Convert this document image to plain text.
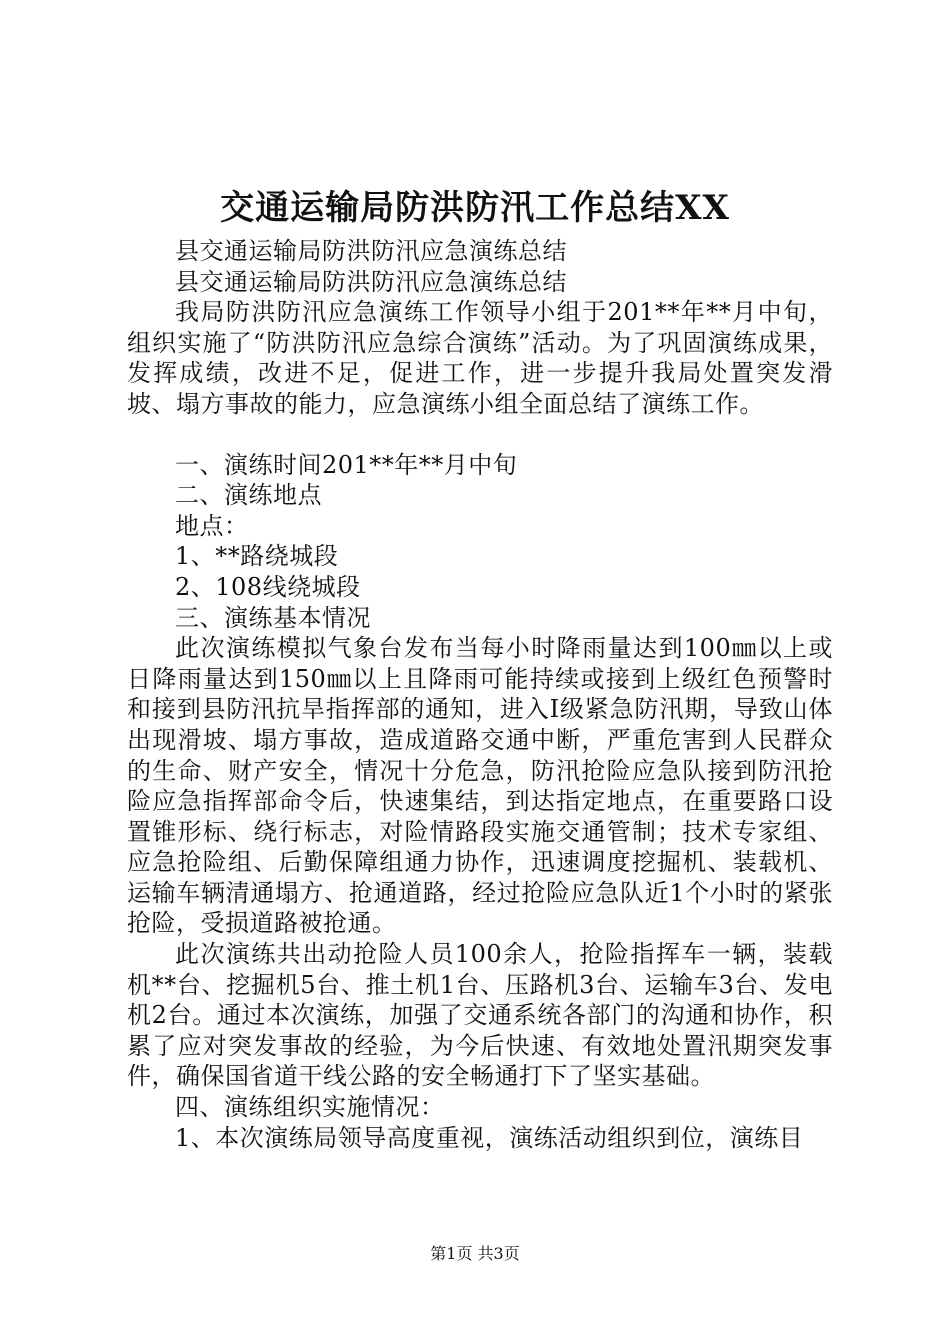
交通运输局防洪防汛工作总结XX

县交通运输局防洪防汛应急演练总结

县交通运输局防洪防汛应急演练总结

我局防洪防汛应急演练工作领导小组于201**年**月中旬，组织实施了“防洪防汛应急综合演练”活动。为了巩固演练成果，发挥成绩，改进不足，促进工作，进一步提升我局处置突发滑坡、塌方事故的能力，应急演练小组全面总结了演练工作。

一、演练时间201**年**月中旬

二、演练地点

地点：

1、**路绕城段

2、108线绕城段

三、演练基本情况

此次演练模拟气象台发布当每小时降雨量达到100㎜以上或日降雨量达到150㎜以上且降雨可能持续或接到上级红色预警时和接到县防汛抗旱指挥部的通知，进入Ⅰ级紧急防汛期，导致山体出现滑坡、塌方事故，造成道路交通中断，严重危害到人民群众的生命、财产安全，情况十分危急，防汛抢险应急队接到防汛抢险应急指挥部命令后，快速集结，到达指定地点，在重要路口设置锥形标、绕行标志，对险情路段实施交通管制；技术专家组、应急抢险组、后勤保障组通力协作，迅速调度挖掘机、装载机、运输车辆清通塌方、抢通道路，经过抢险应急队近1个小时的紧张抢险，受损道路被抢通。

此次演练共出动抢险人员100余人，抢险指挥车一辆，装载机**台、挖掘机5台、推土机1台、压路机3台、运输车3台、发电机2台。通过本次演练，加强了交通系统各部门的沟通和协作，积累了应对突发事故的经验，为今后快速、有效地处置汛期突发事件，确保国省道干线公路的安全畅通打下了坚实基础。

四、演练组织实施情况：

1、本次演练局领导高度重视，演练活动组织到位，演练目

第1页 共3页
